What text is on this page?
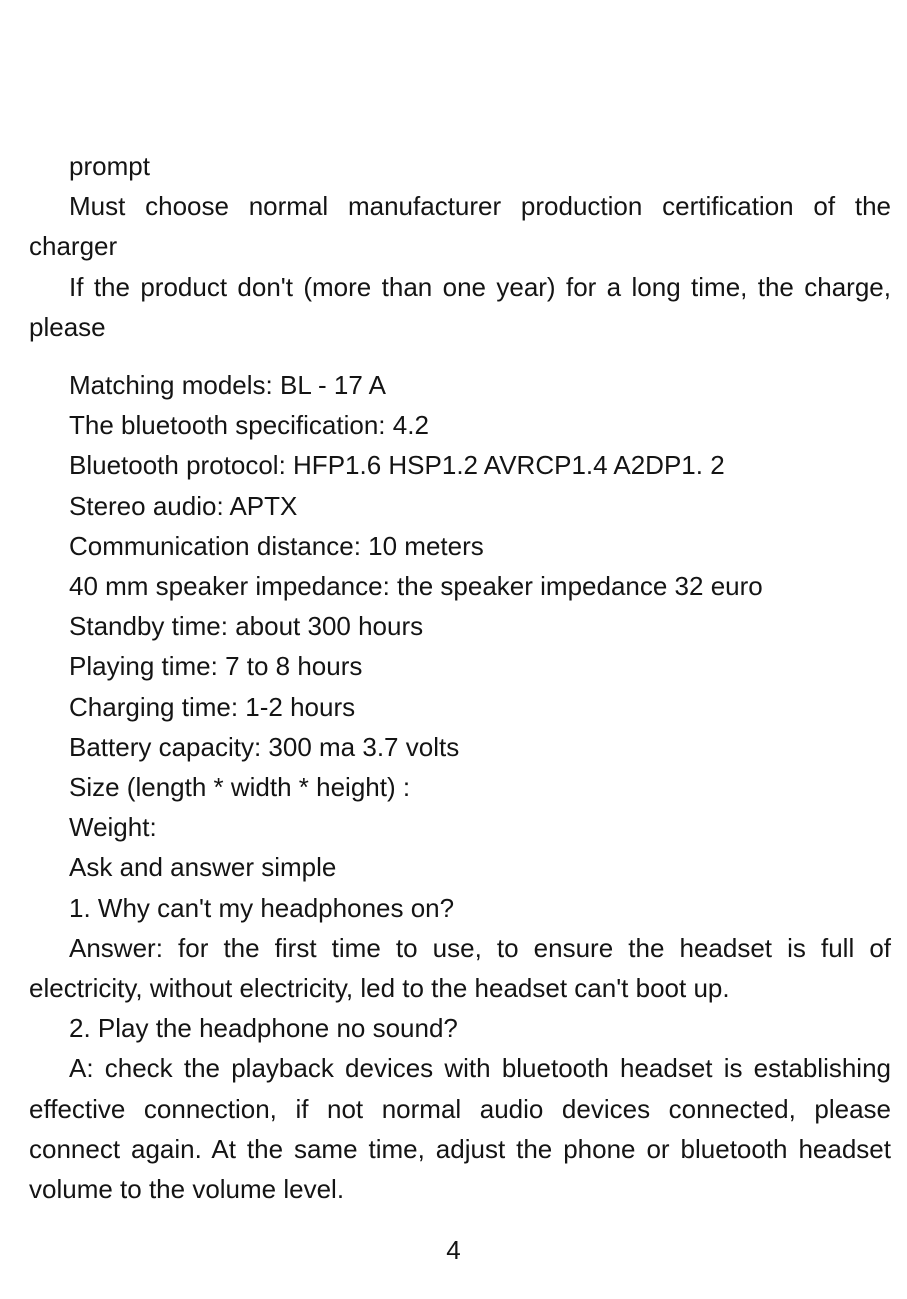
prompt

Must choose normal manufacturer production certification of the charger

If the product don't (more than one year) for a long time, the charge, please

Matching models: BL - 17 A

The bluetooth specification: 4.2

Bluetooth protocol: HFP1.6 HSP1.2 AVRCP1.4 A2DP1. 2

Stereo audio: APTX

Communication distance: 10 meters

40 mm speaker impedance: the speaker impedance 32 euro

Standby time: about 300 hours

Playing time: 7 to 8 hours

Charging time: 1-2 hours

Battery capacity: 300 ma 3.7 volts

Size (length * width * height) :

Weight:

Ask and answer simple

1. Why can't my headphones on?

Answer: for the first time to use, to ensure the headset is full of electricity, without electricity, led to the headset can't boot up.

2. Play the headphone no sound?

A: check the playback devices with bluetooth headset is establishing effective connection, if not normal audio devices connected, please connect again. At the same time, adjust the phone or bluetooth headset volume to the volume level.

4
